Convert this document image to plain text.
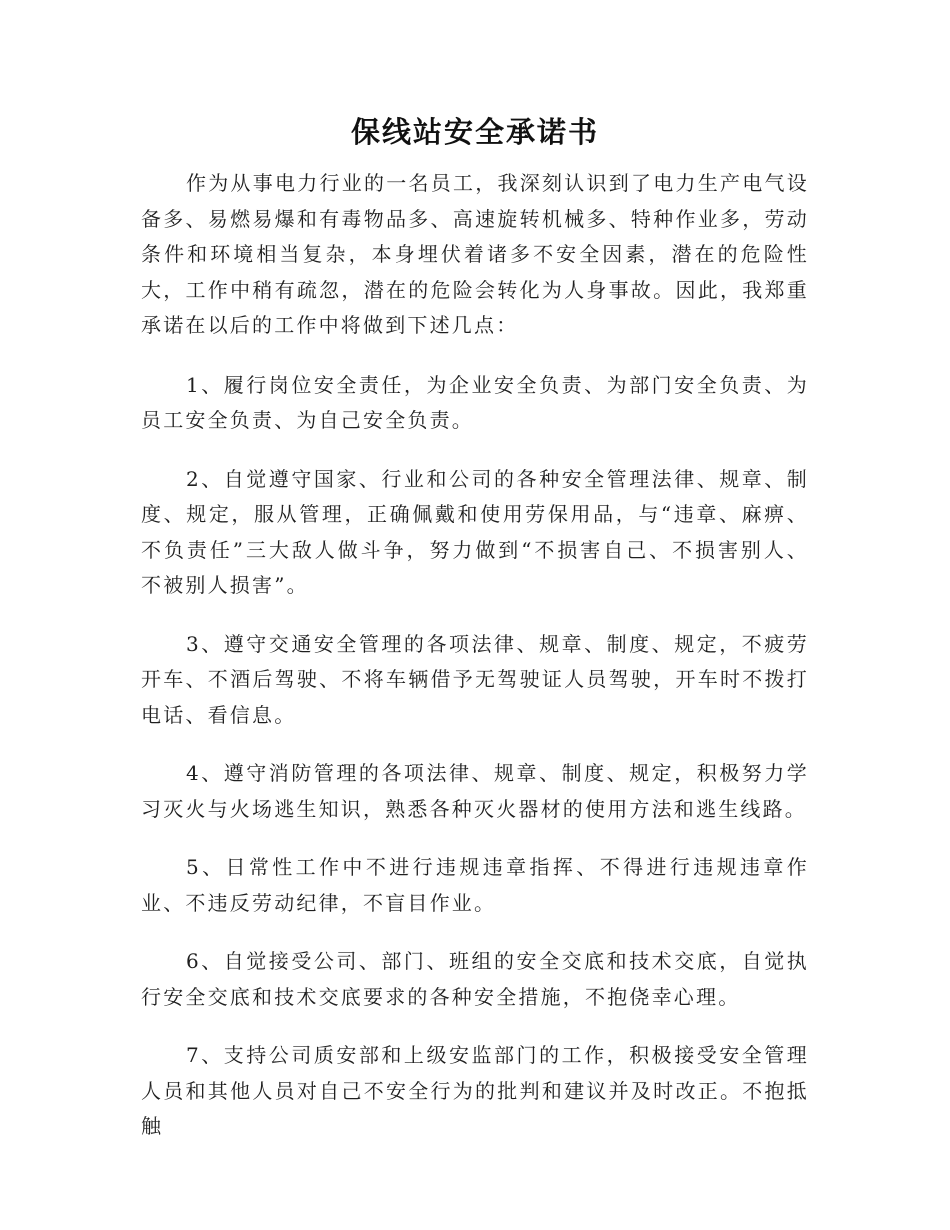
保线站安全承诺书

作为从事电力行业的一名员工，我深刻认识到了电力生产电气设备多、易燃易爆和有毒物品多、高速旋转机械多、特种作业多，劳动条件和环境相当复杂，本身埋伏着诸多不安全因素，潜在的危险性大，工作中稍有疏忽，潜在的危险会转化为人身事故。因此，我郑重承诺在以后的工作中将做到下述几点：

1、履行岗位安全责任，为企业安全负责、为部门安全负责、为员工安全负责、为自己安全负责。

2、自觉遵守国家、行业和公司的各种安全管理法律、规章、制度、规定，服从管理，正确佩戴和使用劳保用品，与“违章、麻痹、不负责任”三大敌人做斗争，努力做到“不损害自己、不损害别人、不被别人损害”。

3、遵守交通安全管理的各项法律、规章、制度、规定，不疲劳开车、不酒后驾驶、不将车辆借予无驾驶证人员驾驶，开车时不拨打电话、看信息。

4、遵守消防管理的各项法律、规章、制度、规定，积极努力学习灭火与火场逃生知识，熟悉各种灭火器材的使用方法和逃生线路。

5、日常性工作中不进行违规违章指挥、不得进行违规违章作业、不违反劳动纪律，不盲目作业。

6、自觉接受公司、部门、班组的安全交底和技术交底，自觉执行安全交底和技术交底要求的各种安全措施，不抱侥幸心理。

7、支持公司质安部和上级安监部门的工作，积极接受安全管理人员和其他人员对自己不安全行为的批判和建议并及时改正。不抱抵触
